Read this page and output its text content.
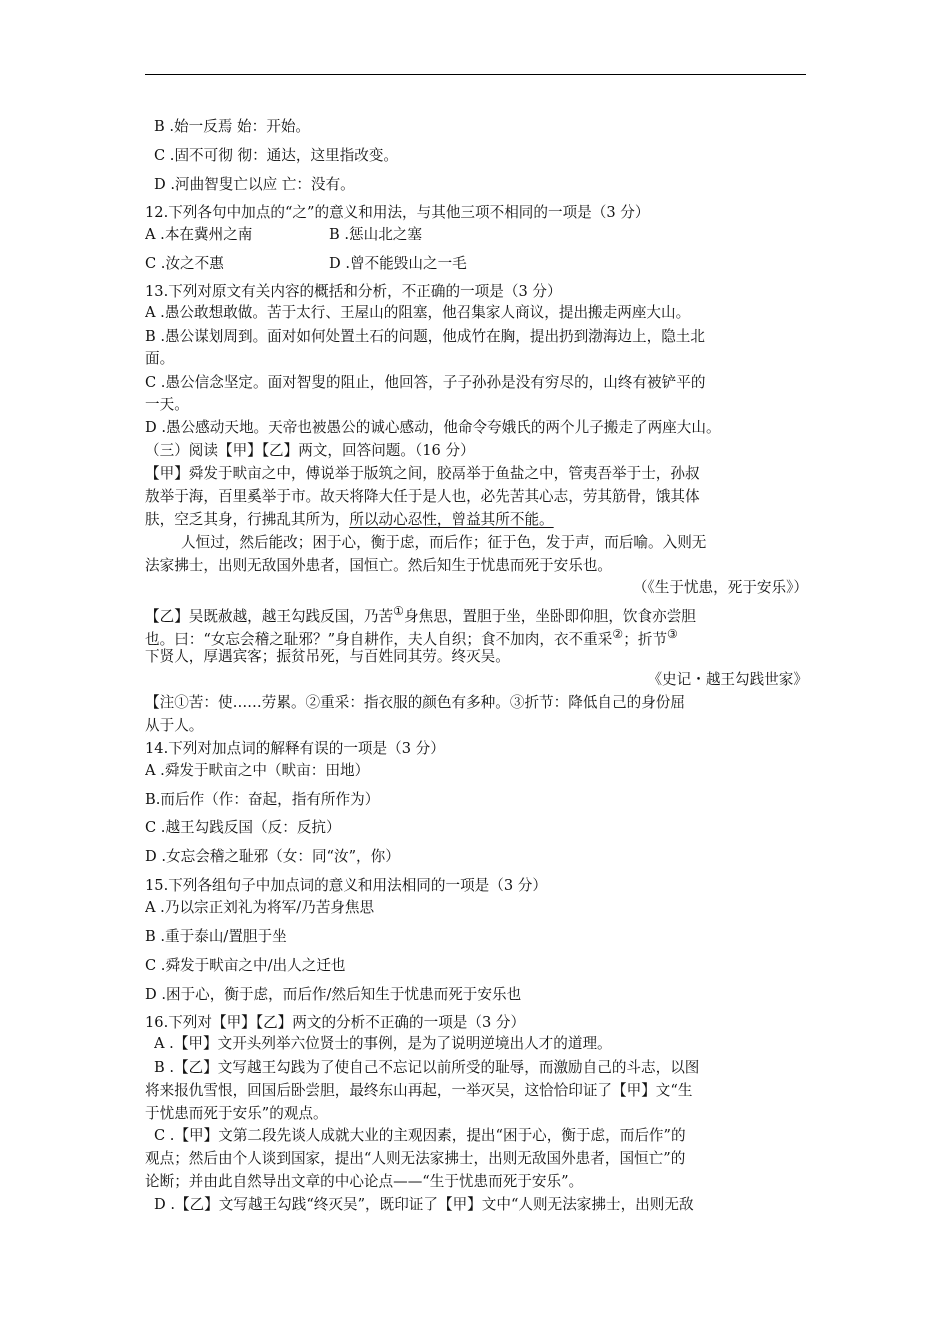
B .始一反焉 始：开始。
C .固不可彻 彻：通达，这里指改变。
D .河曲智叟亡以应 亡：没有。
12.下列各句中加点的“之”的意义和用法，与其他三项不相同的一项是（3 分）
A .本在冀州之南	B .惩山北之塞
C .汝之不惠	D .曾不能毁山之一毛
13.下列对原文有关内容的概括和分析，不正确的一项是（3 分）
A .愚公敢想敢做。苦于太行、王屋山的阻塞，他召集家人商议，提出搬走两座大山。
B .愚公谋划周到。面对如何处置土石的问题，他成竹在胸，提出扔到渤海边上，隐土北
面。
C .愚公信念坚定。面对智叟的阻止，他回答，子子孙孙是没有穷尽的，山终有被铲平的
一天。
D .愚公感动天地。天帝也被愚公的诚心感动，他命令夸娥氏的两个儿子搬走了两座大山。
（三）阅读【甲】【乙】两文，回答问题。（16 分）
【甲】舜发于畎亩之中，傅说举于版筑之间，胶鬲举于鱼盐之中，管夷吾举于士，孙叔
敖举于海，百里奚举于市。故天将降大任于是人也，必先苦其心志，劳其筋骨，饿其体
肤，空乏其身，行拂乱其所为，所以动心忍性，曾益其所不能。
人恒过，然后能改；困于心，衡于虑，而后作；征于色，发于声，而后喻。入则无
法家拂士，出则无敌国外患者，国恒亡。然后知生于忧患而死于安乐也。
（《生于忧患，死于安乐》）
【乙】吴既赦越，越王勾践反国，乃苦①身焦思，置胆于坐，坐卧即仰胆，饮食亦尝胆
也。曰：“女忘会稽之耻邪？”身自耕作，夫人自织；食不加肉，衣不重采②；折节③
下贤人，厚遇宾客；振贫吊死，与百姓同其劳。终灭吴。
《史记・越王勾践世家》
【注①苦：使……劳累。②重采：指衣服的颜色有多种。③折节：降低自己的身份屈
从于人。
14.下列对加点词的解释有误的一项是（3 分）
A .舜发于畎亩之中（畎亩：田地）
B.而后作（作：奋起，指有所作为）
C .越王勾践反国（反：反抗）
D .女忘会稽之耻邪（女：同“汝”，你）
15.下列各组句子中加点词的意义和用法相同的一项是（3 分）
A .乃以宗正刘礼为将军/乃苦身焦思
B .重于泰山/置胆于坐
C .舜发于畎亩之中/出人之迁也
D .困于心，衡于虑，而后作/然后知生于忧患而死于安乐也
16.下列对【甲】【乙】两文的分析不正确的一项是（3 分）
A .【甲】文开头列举六位贤士的事例，是为了说明逆境出人才的道理。
B .【乙】文写越王勾践为了使自己不忘记以前所受的耻辱，而激励自己的斗志，以图
将来报仇雪恨，回国后卧尝胆，最终东山再起，一举灭吴，这恰恰印证了【甲】文“生
于忧患而死于安乐”的观点。
C .【甲】文第二段先谈人成就大业的主观因素，提出“困于心，衡于虑，而后作”的
观点；然后由个人谈到国家，提出“人则无法家拂士，出则无敌国外患者，国恒亡”的
论断；并由此自然导出文章的中心论点——“生于忧患而死于安乐”。
D .【乙】文写越王勾践“终灭吴”，既印证了【甲】文中“人则无法家拂士，出则无敌
